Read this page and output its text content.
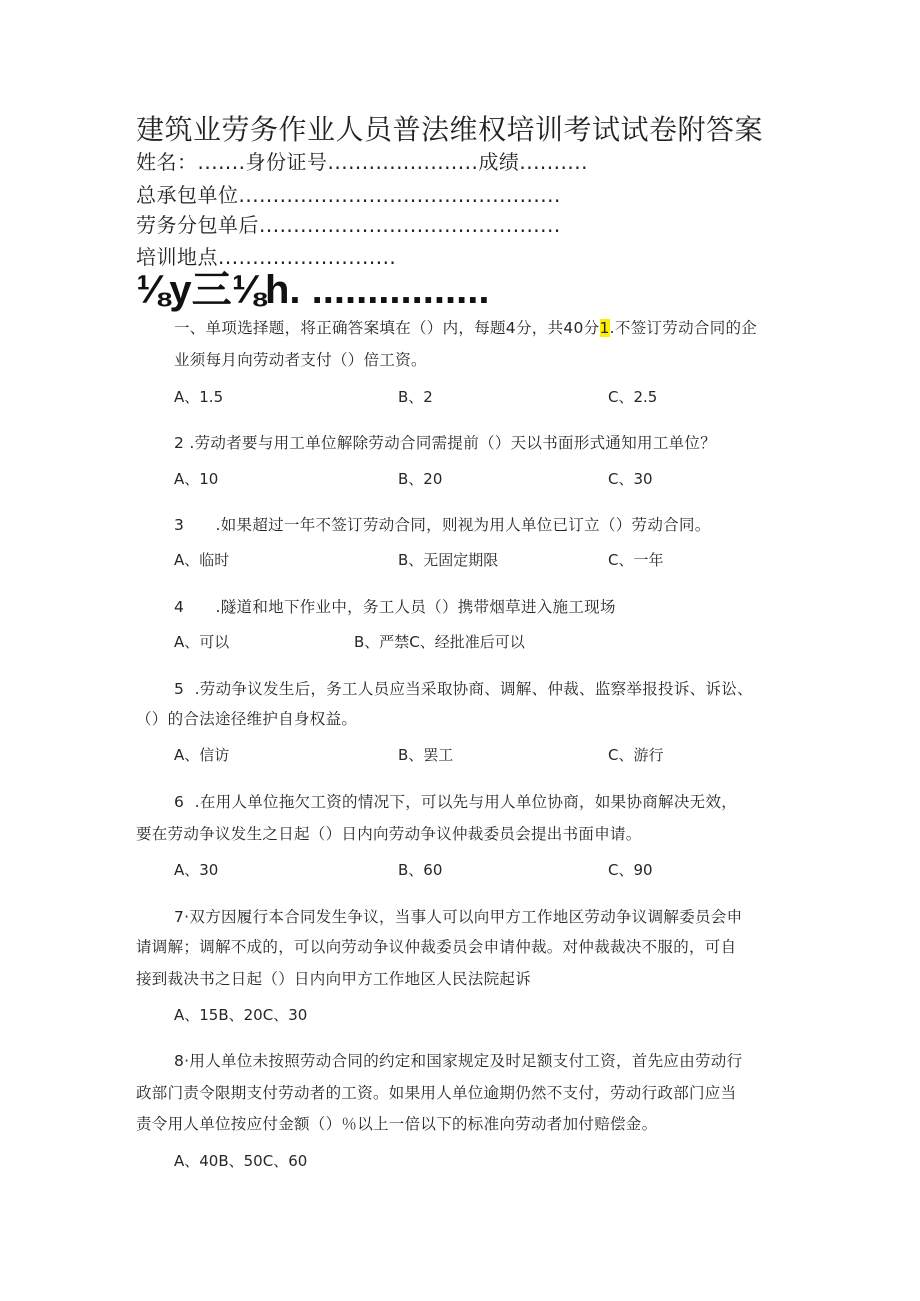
建筑业劳务作业人员普法维权培训考试试卷附答案
姓名：.......身份证号......................成绩..........
总承包单位...............................................
劳务分包单后............................................
培训地点..........................
⅛y三⅛h. ................
一、单项选择题，将正确答案填在（）内，每题4分，共40分1.不签订劳动合同的企
业须每月向劳动者支付（）倍工资。
A、1.5	B、2	C、2.5
2 .劳动者要与用工单位解除劳动合同需提前（）天以书面形式通知用工单位？
A、10	B、20	C、30
3      .如果超过一年不签订劳动合同，则视为用人单位已订立（）劳动合同。
A、临时	B、无固定期限	C、一年
4      .隧道和地下作业中，务工人员（）携带烟草进入施工现场
A、可以	B、严禁C、经批准后可以
5  .劳动争议发生后，务工人员应当采取协商、调解、仲裁、监察举报投诉、诉讼、
（）的合法途径维护自身权益。
A、信访	B、罢工	C、游行
6  .在用人单位拖欠工资的情况下，可以先与用人单位协商，如果协商解决无效，
要在劳动争议发生之日起（）日内向劳动争议仲裁委员会提出书面申请。
A、30	B、60	C、90
7·双方因履行本合同发生争议，当事人可以向甲方工作地区劳动争议调解委员会申
请调解；调解不成的，可以向劳动争议仲裁委员会申请仲裁。对仲裁裁决不服的，可自
接到裁决书之日起（）日内向甲方工作地区人民法院起诉
A、15B、20C、30
8·用人单位未按照劳动合同的约定和国家规定及时足额支付工资，首先应由劳动行
政部门责令限期支付劳动者的工资。如果用人单位逾期仍然不支付，劳动行政部门应当
责令用人单位按应付金额（）％以上一倍以下的标准向劳动者加付赔偿金。
A、40B、50C、60
